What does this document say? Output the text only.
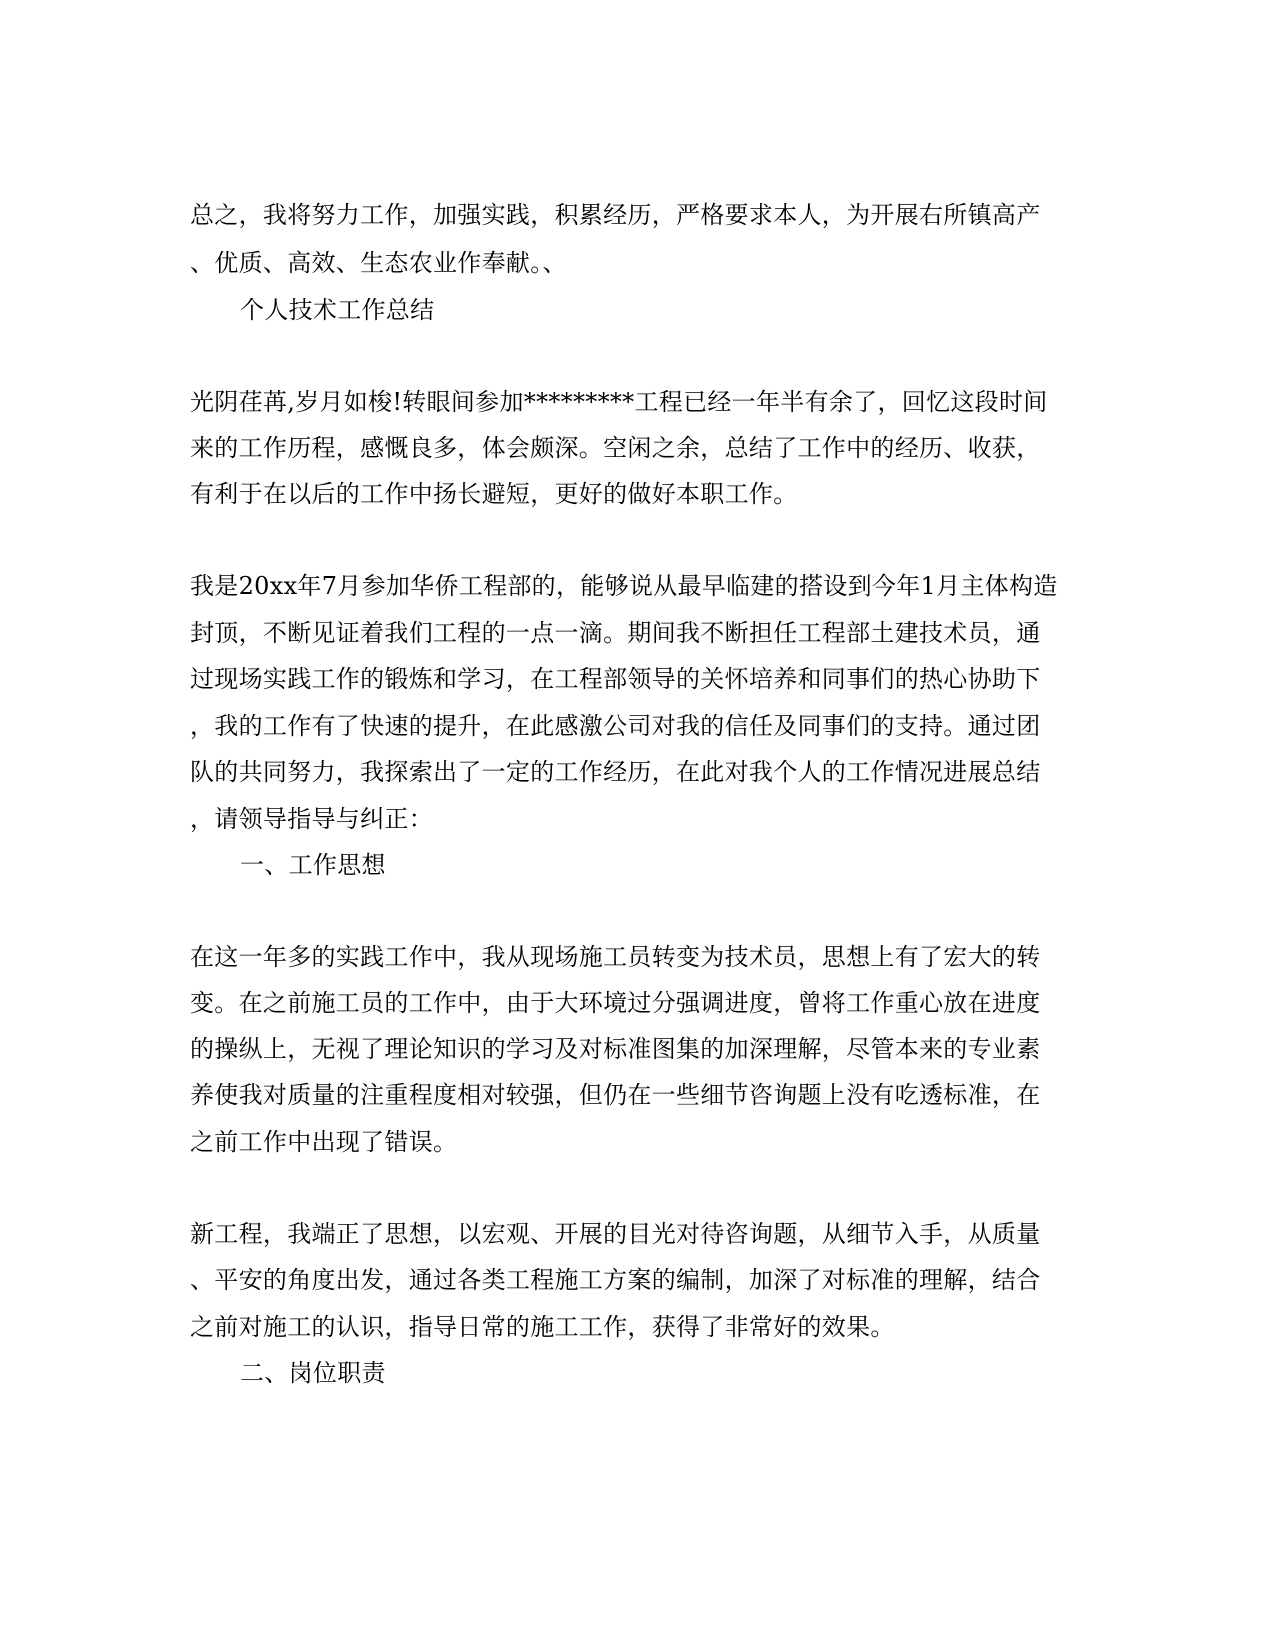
总之，我将努力工作，加强实践，积累经历，严格要求本人，为开展右所镇高产
、优质、高效、生态农业作奉献。、
个人技术工作总结
光阴荏苒,岁月如梭!转眼间参加*********工程已经一年半有余了，回忆这段时间
来的工作历程，感慨良多，体会颇深。空闲之余，总结了工作中的经历、收获，
有利于在以后的工作中扬长避短，更好的做好本职工作。
我是20xx年7月参加华侨工程部的，能够说从最早临建的搭设到今年1月主体构造
封顶，不断见证着我们工程的一点一滴。期间我不断担任工程部土建技术员，通
过现场实践工作的锻炼和学习，在工程部领导的关怀培养和同事们的热心协助下
，我的工作有了快速的提升，在此感激公司对我的信任及同事们的支持。通过团
队的共同努力，我探索出了一定的工作经历，在此对我个人的工作情况进展总结
，请领导指导与纠正：
一、工作思想
在这一年多的实践工作中，我从现场施工员转变为技术员，思想上有了宏大的转
变。在之前施工员的工作中，由于大环境过分强调进度，曾将工作重心放在进度
的操纵上，无视了理论知识的学习及对标准图集的加深理解，尽管本来的专业素
养使我对质量的注重程度相对较强，但仍在一些细节咨询题上没有吃透标准，在
之前工作中出现了错误。
新工程，我端正了思想，以宏观、开展的目光对待咨询题，从细节入手，从质量
、平安的角度出发，通过各类工程施工方案的编制，加深了对标准的理解，结合
之前对施工的认识，指导日常的施工工作，获得了非常好的效果。
二、岗位职责
